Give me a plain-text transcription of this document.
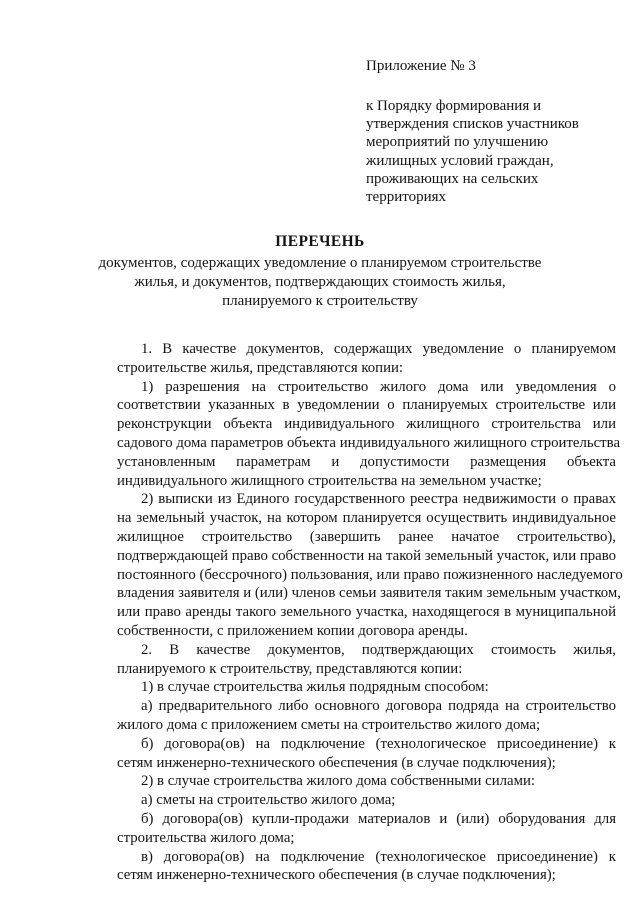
Приложение № 3
к Порядку формирования и
утверждения списков участников
мероприятий по улучшению
жилищных условий граждан,
проживающих на сельских
территориях
ПЕРЕЧЕНЬ
документов, содержащих уведомление о планируемом строительстве
жилья, и документов, подтверждающих стоимость жилья,
планируемого к строительству
1. В качестве документов, содержащих уведомление о планируемом
строительстве жилья, представляются копии:
1) разрешения на строительство жилого дома или уведомления о
соответствии указанных в уведомлении о планируемых строительстве или
реконструкции объекта индивидуального жилищного строительства или
садового дома параметров объекта индивидуального жилищного строительства
установленным параметрам и допустимости размещения объекта
индивидуального жилищного строительства на земельном участке;
2) выписки из Единого государственного реестра недвижимости о правах
на земельный участок, на котором планируется осуществить индивидуальное
жилищное строительство (завершить ранее начатое строительство),
подтверждающей право собственности на такой земельный участок, или право
постоянного (бессрочного) пользования, или право пожизненного наследуемого
владения заявителя и (или) членов семьи заявителя таким земельным участком,
или право аренды такого земельного участка, находящегося в муниципальной
собственности, с приложением копии договора аренды.
2. В качестве документов, подтверждающих стоимость жилья,
планируемого к строительству, представляются копии:
1) в случае строительства жилья подрядным способом:
а) предварительного либо основного договора подряда на строительство
жилого дома с приложением сметы на строительство жилого дома;
б) договора(ов) на подключение (технологическое присоединение) к
сетям инженерно-технического обеспечения (в случае подключения);
2) в случае строительства жилого дома собственными силами:
а) сметы на строительство жилого дома;
б) договора(ов) купли-продажи материалов и (или) оборудования для
строительства жилого дома;
в) договора(ов) на подключение (технологическое присоединение) к
сетям инженерно-технического обеспечения (в случае подключения);
